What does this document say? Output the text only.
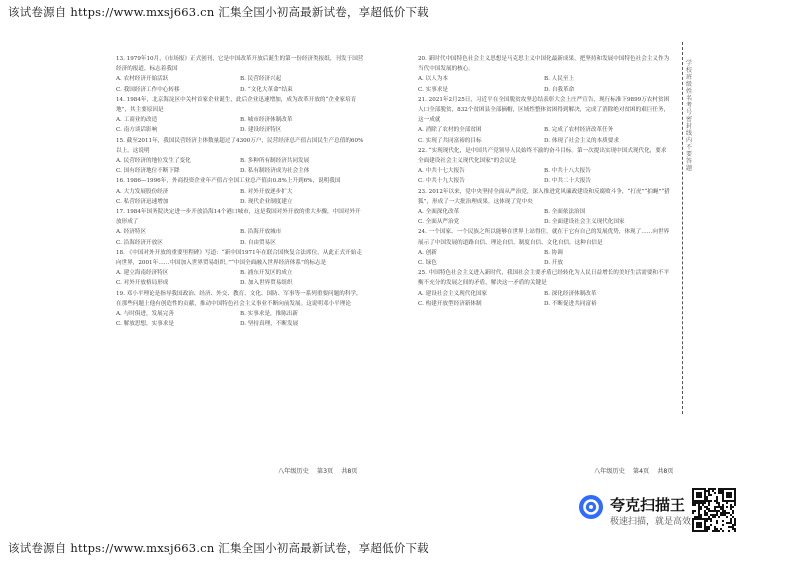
该试卷源自 https://www.mxsj663.cn 汇集全国小初高最新试卷，享超低价下载
13. 1979年10月，《市场报》正式创刊，它是中国改革开放后诞生的第一份经济类报纸，刊发于国营经济的报道，标志着我国
A. 农村经济开始活跃	B. 民营经济兴起
C. 我国经济工作中心转移	D. “文化大革命”结束
14. 1984年，北京海淀区中关村首家企业诞生，此后企业迅速增加，成为改革开放的“企业家培育地”，其主要原因是
A. 工商业的改造	B. 城市经济体制改革
C. 南方谈话影响	D. 建设经济特区
15. 截至2011年，我国民营经济主体数量超过了4300万户，民营经济总产值占国民生产总值的60%以上。这说明
A. 民营经济的地位发生了变化	B. 多种所有制经济共同发展
C. 国有经济地位不断下降	D. 私有制经济成为社会主体
16. 1986—1996年，外商投资企业年产值占全国工业总产值由0.8%上升到6%，说明我国
A. 大力发展股份经济	B. 对外开放逐步扩大
C. 私营经济迅速增加	D. 现代企业制度建立
17. 1984年国务院决定进一步开放沿海14个港口城市，这是我国对外开放的重大步骤，中国对外开放形成了
A. 经济特区	B. 沿海开放城市
C. 沿海经济开放区	D. 自由贸易区
18. 《中国对外开放的重要里程碑》写道：“新中国1971年在联合国恢复合法席位，从此正式开始走向世界，2001年……中国加入世界贸易组织。”“中国全面融入世界经济体系”的标志是
A. 建立海南经济特区	B. 浦东开发区的成立
C. 对外开放格局形成	D. 加入世界贸易组织
19. 邓小平理论是指导我国政治、经济、外交、教育、文化、国防、军事等一系列重要问题的科学，在那些问题上他有创造性的贡献，推动中国特色社会主义事业不断向前发展。这说明邓小平理论
A. 与时俱进，发展完善	B. 实事求是，推陈出新
C. 解放思想，实事求是	D. 坚持真理，不断发展
20. 新时代中国特色社会主义思想是马克思主义中国化最新成果，把坚持和发展中国特色社会主义作为当代中国发展的核心。
A. 以人为本	B. 人民至上
C. 实事求是	D. 自我革命
21. 2021年2月25日，习近平在全国脱贫攻坚总结表彰大会上庄严宣告，现行标准下9899万农村贫困人口全部脱贫，832个贫困县全部摘帽，区域性整体贫困得到解决，完成了消除绝对贫困的艰巨任务，这一成就
A. 消除了农村的全部贫困	B. 完成了农村经济改革任务
C. 实现了共同富裕的目标	D. 体现了社会主义的本质要求
22. “实现现代化，是中国共产党领导人民始终不渝的奋斗目标。第一次提出实现中国式现代化，要求全面建设社会主义现代化国家”的会议是
A. 中共十七大报告	B. 中共十八大报告
C. 中共十九大报告	D. 中共二十大报告
23. 2012年以来，党中央坚持全面从严治党，深入推进党风廉政建设和反腐败斗争，“打虎”“拍蝇”“猎狐”，形成了一大批治理成果。这体现了党中央
A. 全面深化改革	B. 全面依法治国
C. 全面从严治党	D. 全面建设社会主义现代化国家
24. 一个国家、一个民族之所以能够在世界上站得住，就在于它有自己的发展优势，体现了……向世界展示了中国发展的道路自信、理论自信、制度自信、文化自信。这种自信是
A. 创新	B. 协调
C. 绿色	D. 开放
25. 中国特色社会主义进入新时代，我国社会主要矛盾已经转化为人民日益增长的美好生活需要和不平衡不充分的发展之间的矛盾，解决这一矛盾的关键是
A. 建设社会主义现代化国家	B. 深化经济体制改革
C. 构建开放型经济新体制	D. 不断促进共同富裕
八年级历史 第3页 共8页	八年级历史 第4页 共8页
学校班级姓名考号密封线内不要答题
夸克扫描王
极速扫描，就是高效
该试卷源自 https://www.mxsj663.cn 汇集全国小初高最新试卷，享超低价下载
